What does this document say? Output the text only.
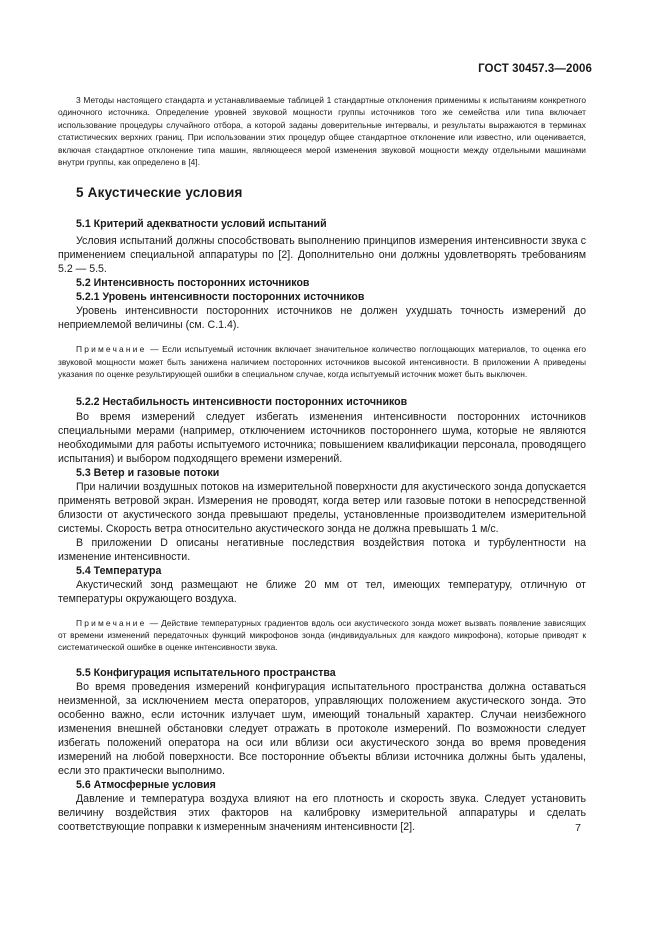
ГОСТ 30457.3—2006

3 Методы настоящего стандарта и устанавливаемые таблицей 1 стандартные отклонения применимы к испытаниям конкретного одиночного источника. Определение уровней звуковой мощности группы источников того же семейства или типа включает использование процедуры случайного отбора, а которой заданы доверительные интервалы, и результаты выражаются в терминах статистических верхних границ. При использовании этих процедур общее стандартное отклонение или известно, или оценивается, включая стандартное отклонение типа машин, являющееся мерой изменения звуковой мощности между отдельными машинами внутри группы, как определено в [4].

5 Акустические условия

5.1 Критерий адекватности условий испытаний

Условия испытаний должны способствовать выполнению принципов измерения интенсивности звука с применением специальной аппаратуры по [2]. Дополнительно они должны удовлетворять требованиям 5.2 — 5.5.

5.2 Интенсивность посторонних источников

5.2.1 Уровень интенсивности посторонних источников

Уровень интенсивности посторонних источников не должен ухудшать точность измерений до неприемлемой величины (см. С.1.4).

Примечание — Если испытуемый источник включает значительное количество поглощающих материалов, то оценка его звуковой мощности может быть занижена наличием посторонних источников высокой интенсивности. В приложении А приведены указания по оценке результирующей ошибки в специальном случае, когда испытуемый источник может быть выключен.

5.2.2 Нестабильность интенсивности посторонних источников

Во время измерений следует избегать изменения интенсивности посторонних источников специальными мерами (например, отключением источников постороннего шума, которые не являются необходимыми для работы испытуемого источника; повышением квалификации персонала, проводящего испытания) и выбором подходящего времени измерений.

5.3 Ветер и газовые потоки

При наличии воздушных потоков на измерительной поверхности для акустического зонда допускается применять ветровой экран. Измерения не проводят, когда ветер или газовые потоки в непосредственной близости от акустического зонда превышают пределы, установленные производителем измерительной системы. Скорость ветра относительно акустического зонда не должна превышать 1 м/с.

В приложении D описаны негативные последствия воздействия потока и турбулентности на изменение интенсивности.

5.4 Температура

Акустический зонд размещают не ближе 20 мм от тел, имеющих температуру, отличную от температуры окружающего воздуха.

Примечание — Действие температурных градиентов вдоль оси акустического зонда может вызвать появление зависящих от времени изменений передаточных функций микрофонов зонда (индивидуальных для каждого микрофона), которые приводят к систематической ошибке в оценке интенсивности звука.

5.5 Конфигурация испытательного пространства

Во время проведения измерений конфигурация испытательного пространства должна оставаться неизменной, за исключением места операторов, управляющих положением акустического зонда. Это особенно важно, если источник излучает шум, имеющий тональный характер. Случаи неизбежного изменения внешней обстановки следует отражать в протоколе измерений. По возможности следует избегать положений оператора на оси или вблизи оси акустического зонда во время проведения измерений на любой поверхности. Все посторонние объекты вблизи источника должны быть удалены, если это практически выполнимо.

5.6 Атмосферные условия

Давление и температура воздуха влияют на его плотность и скорость звука. Следует установить величину воздействия этих факторов на калибровку измерительной аппаратуры и сделать соответствующие поправки к измеренным значениям интенсивности [2].	7
